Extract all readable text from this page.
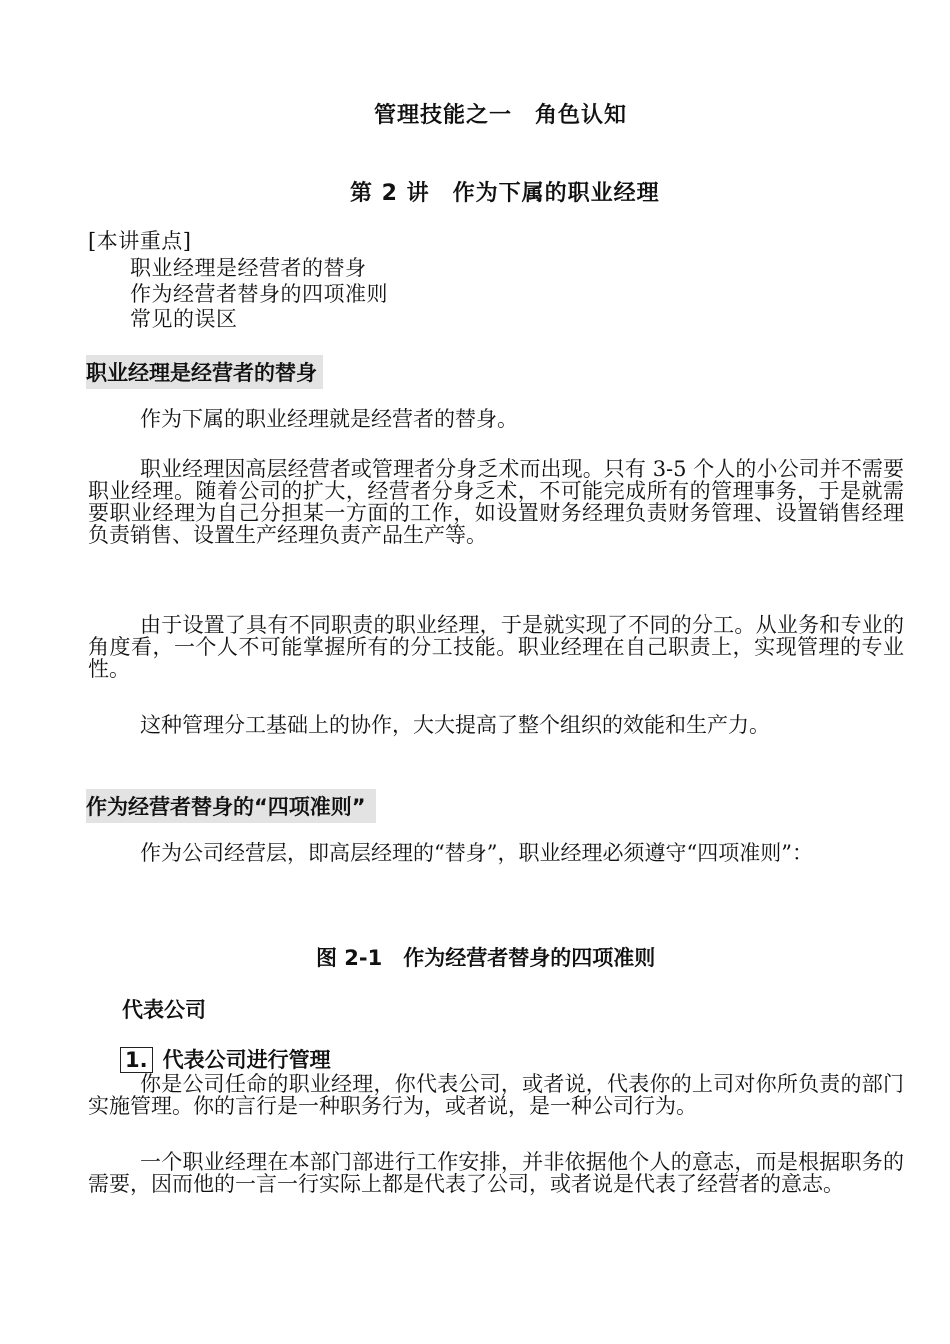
管理技能之一　角色认知
第 2 讲　作为下属的职业经理
[本讲重点]
职业经理是经营者的替身
作为经营者替身的四项准则
常见的误区
职业经理是经营者的替身
作为下属的职业经理就是经营者的替身。
职业经理因高层经营者或管理者分身乏术而出现。只有 3-5 个人的小公司并不需要职业经理。随着公司的扩大，经营者分身乏术，不可能完成所有的管理事务，于是就需要职业经理为自己分担某一方面的工作，如设置财务经理负责财务管理、设置销售经理负责销售、设置生产经理负责产品生产等。
由于设置了具有不同职责的职业经理，于是就实现了不同的分工。从业务和专业的角度看，一个人不可能掌握所有的分工技能。职业经理在自己职责上，实现管理的专业性。
这种管理分工基础上的协作，大大提高了整个组织的效能和生产力。
作为经营者替身的“四项准则”
作为公司经营层，即高层经理的“替身”，职业经理必须遵守“四项准则”：
图 2-1　作为经营者替身的四项准则
代表公司
1. 代表公司进行管理
你是公司任命的职业经理，你代表公司，或者说，代表你的上司对你所负责的部门实施管理。你的言行是一种职务行为，或者说，是一种公司行为。
一个职业经理在本部门部进行工作安排，并非依据他个人的意志，而是根据职务的需要，因而他的一言一行实际上都是代表了公司，或者说是代表了经营者的意志。
